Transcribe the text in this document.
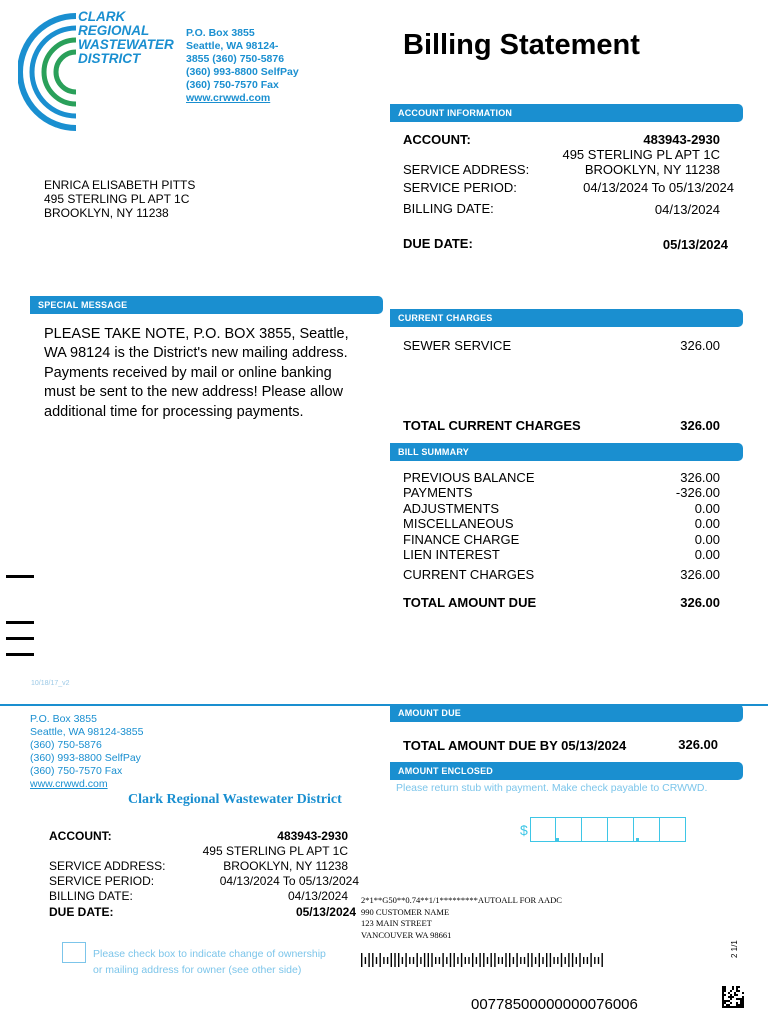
CLARK
REGIONAL
WASTEWATER
DISTRICT
P.O. Box 3855
Seattle, WA 98124-
3855 (360) 750-5876
(360) 993-8800 SelfPay
(360) 750-7570 Fax
www.crwwd.com
Billing Statement
ENRICA ELISABETH PITTS
495 STERLING PL APT 1C
BROOKLYN, NY 11238
ACCOUNT INFORMATION
ACCOUNT:	483943-2930
495 STERLING PL APT 1C
SERVICE ADDRESS:	BROOKLYN, NY 11238
SERVICE PERIOD:	04/13/2024 To 05/13/2024
BILLING DATE:	04/13/2024
DUE DATE:	05/13/2024
SPECIAL MESSAGE
PLEASE TAKE NOTE, P.O. BOX 3855, Seattle, WA 98124 is the District's new mailing address. Payments received by mail or online banking must be sent to the new address! Please allow additional time for processing payments.
CURRENT CHARGES
SEWER SERVICE	326.00
TOTAL CURRENT CHARGES	326.00
BILL SUMMARY
PREVIOUS BALANCE	326.00
PAYMENTS	-326.00
ADJUSTMENTS	0.00
MISCELLANEOUS	0.00
FINANCE CHARGE	0.00
LIEN INTEREST	0.00
CURRENT CHARGES	326.00
TOTAL AMOUNT DUE	326.00
10/18/17_v2
P.O. Box 3855
Seattle, WA 98124-3855
(360) 750-5876
(360) 993-8800 SelfPay
(360) 750-7570 Fax
www.crwwd.com
Clark Regional Wastewater District
AMOUNT DUE
TOTAL AMOUNT DUE BY 05/13/2024	326.00
AMOUNT ENCLOSED
Please return stub with payment. Make check payable to CRWWD.
$
ACCOUNT:	483943-2930
495 STERLING PL APT 1C
SERVICE ADDRESS:	BROOKLYN, NY 11238
SERVICE PERIOD:	04/13/2024 To 05/13/2024
BILLING DATE:	04/13/2024
DUE DATE:	05/13/2024
Please check box to indicate change of ownership
or mailing address for owner (see other side)
2*1**G50**0.74**1/1*********AUTOALL FOR AADC
990 CUSTOMER NAME
123 MAIN STREET
VANCOUVER WA 98661
2 1/1
00778500000000076006
